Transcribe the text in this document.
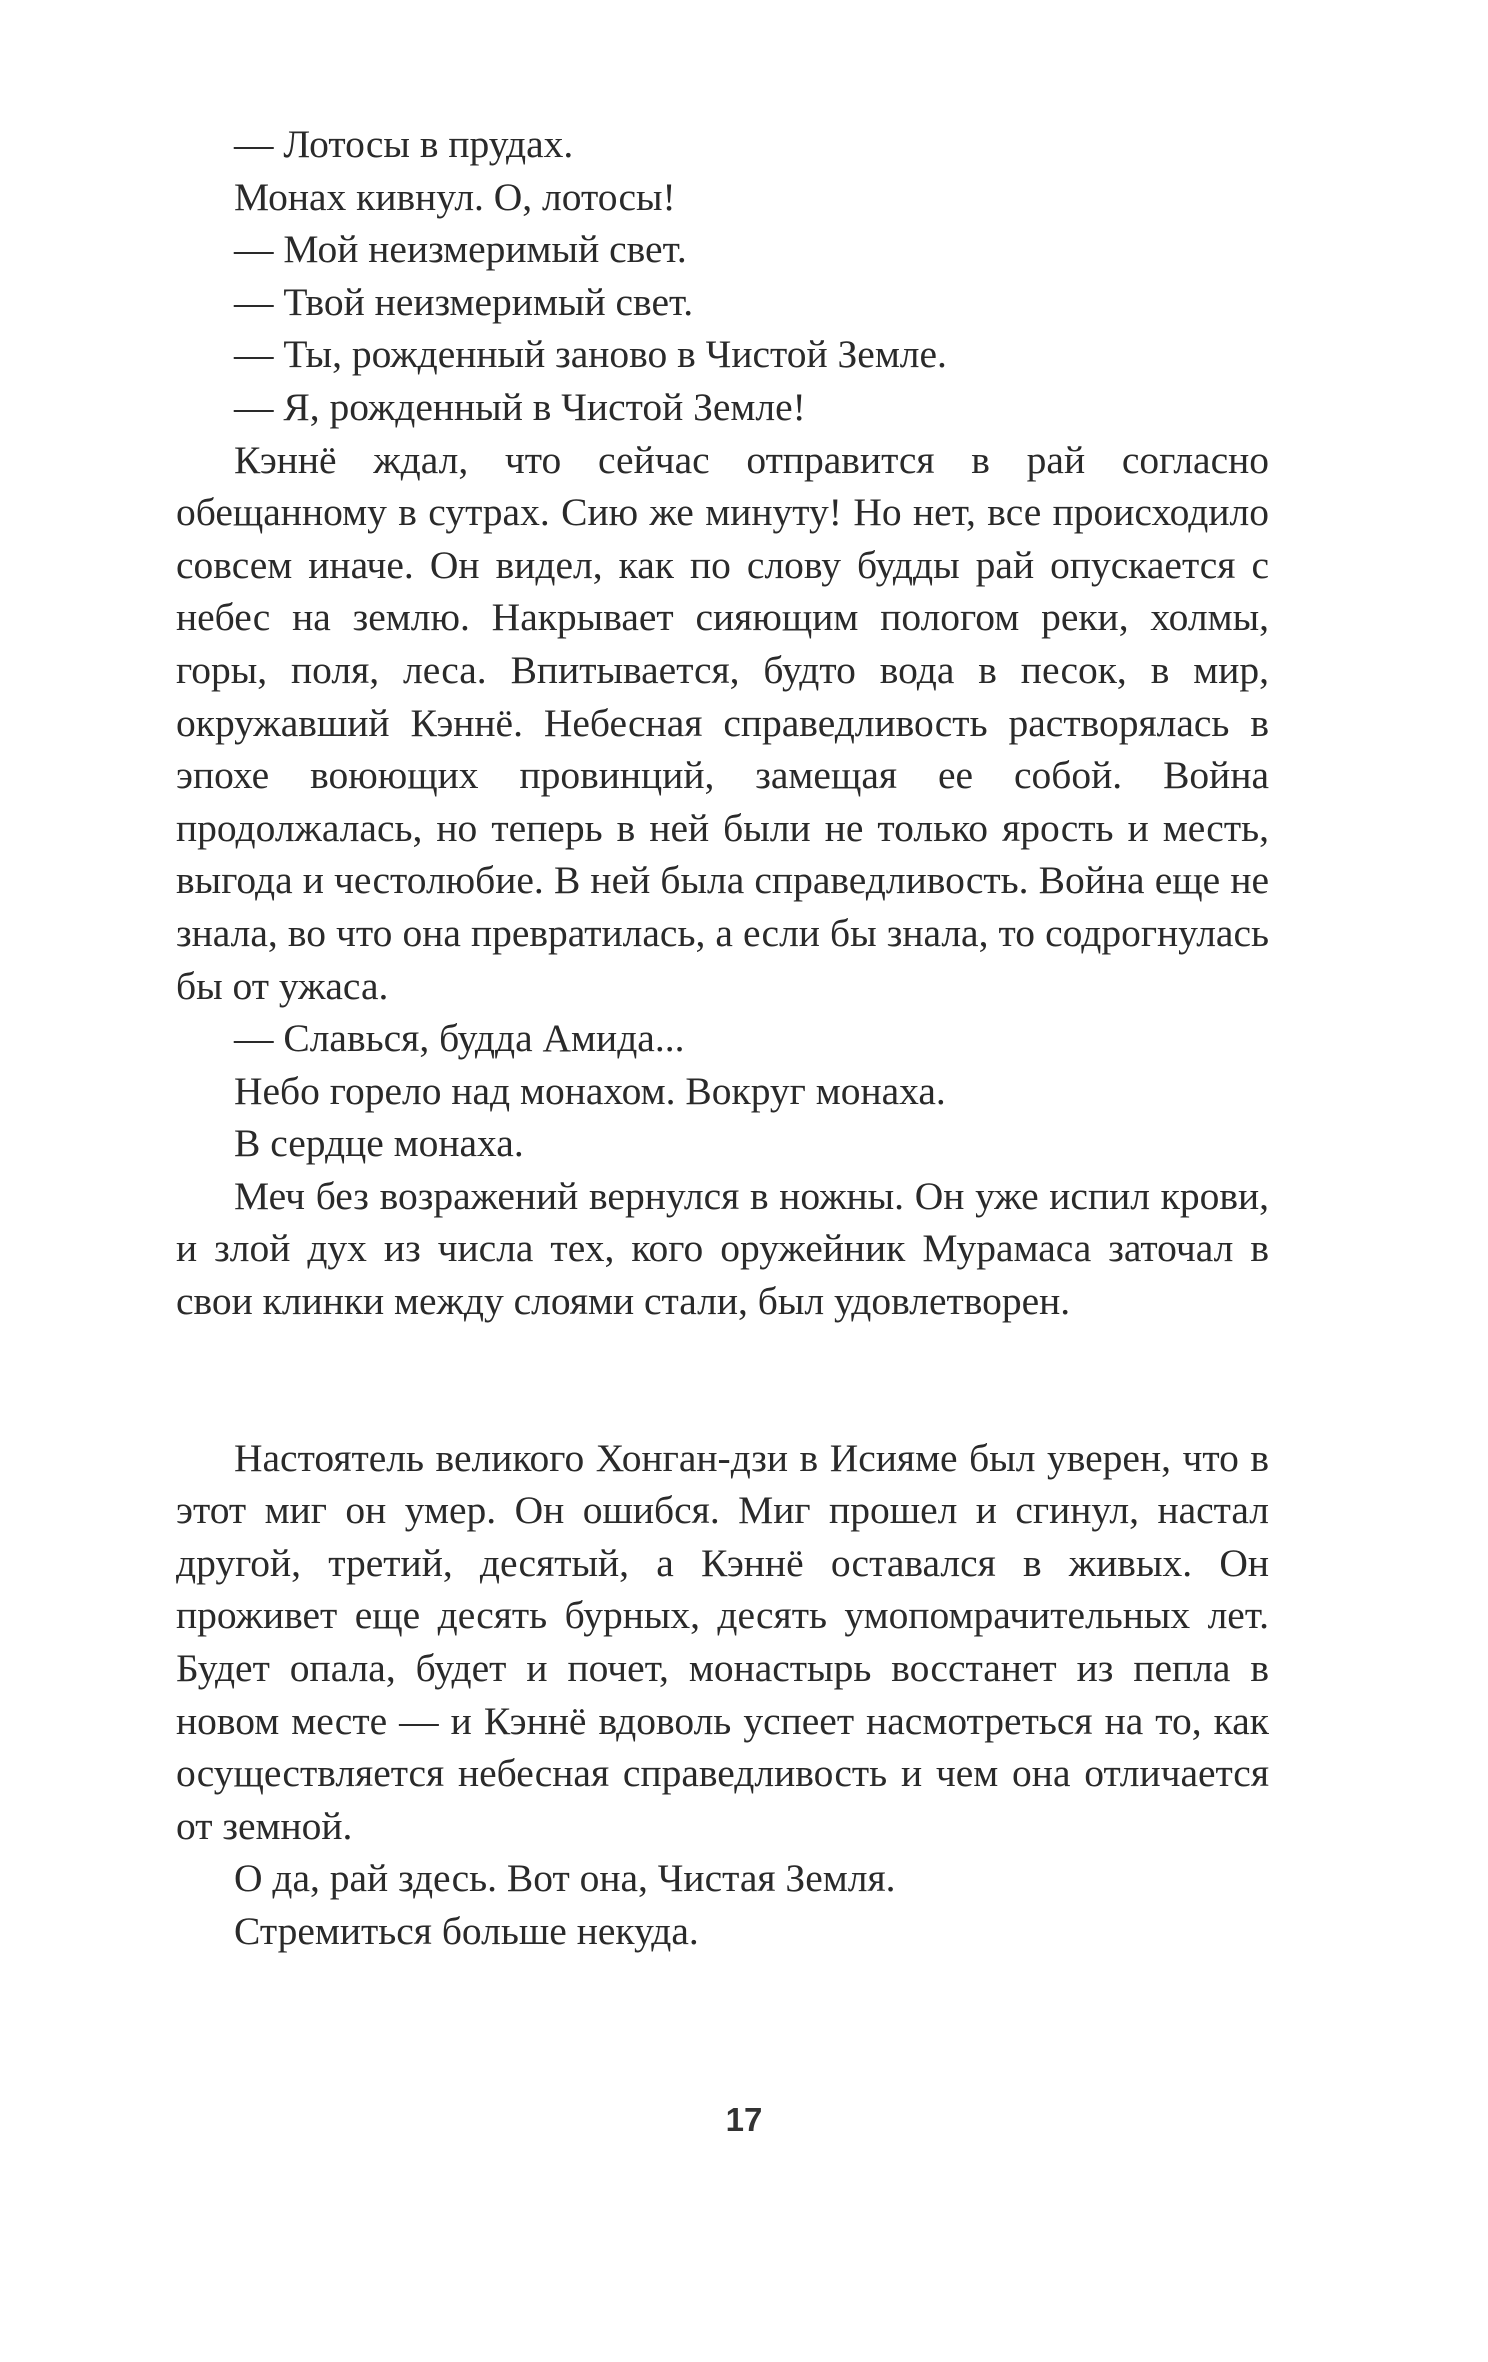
— Лотосы в прудах.

Монах кивнул. О, лотосы!

— Мой неизмеримый свет.

— Твой неизмеримый свет.

— Ты, рожденный заново в Чистой Земле.

— Я, рожденный в Чистой Земле!

Кэннё ждал, что сейчас отправится в рай согласно обещанному в сутрах. Сию же минуту! Но нет, все происходило совсем иначе. Он видел, как по слову будды рай опускается с небес на землю. Накрывает сияющим пологом реки, холмы, горы, поля, леса. Впитывается, будто вода в песок, в мир, окружавший Кэннё. Небесная справедливость растворялась в эпохе воюющих провинций, замещая ее собой. Война продолжалась, но теперь в ней были не только ярость и месть, выгода и честолюбие. В ней была справедливость. Война еще не знала, во что она превратилась, а если бы знала, то содрогнулась бы от ужаса.

— Славься, будда Амида...

Небо горело над монахом. Вокруг монаха.

В сердце монаха.

Меч без возражений вернулся в ножны. Он уже испил крови, и злой дух из числа тех, кого оружейник Мурамаса заточал в свои клинки между слоями стали, был удовлетворен.

Настоятель великого Хонган-дзи в Исияме был уверен, что в этот миг он умер. Он ошибся. Миг прошел и сгинул, настал другой, третий, десятый, а Кэннё оставался в живых. Он проживет еще десять бурных, десять умопомрачительных лет. Будет опала, будет и почет, монастырь восстанет из пепла в новом месте — и Кэннё вдоволь успеет насмотреться на то, как осуществляется небесная справедливость и чем она отличается от земной.

О да, рай здесь. Вот она, Чистая Земля.

Стремиться больше некуда.

17
